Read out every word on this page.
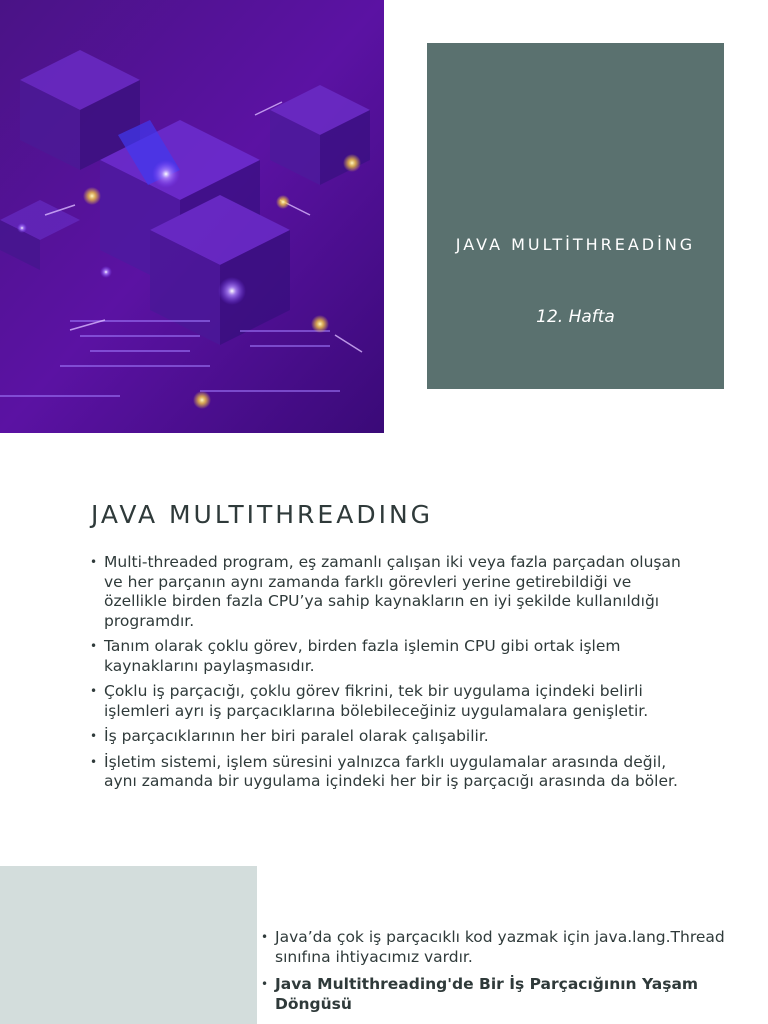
JAVA MULTİTHREADİNG
12. Hafta
JAVA MULTITHREADING
• Multi-threaded program, eş zamanlı çalışan iki veya fazla parçadan oluşan ve her parçanın aynı zamanda farklı görevleri yerine getirebildiği ve özellikle birden fazla CPU’ya sahip kaynakların en iyi şekilde kullanıldığı programdır.
• Tanım olarak çoklu görev, birden fazla işlemin CPU gibi ortak işlem kaynaklarını paylaşmasıdır.
• Çoklu iş parçacığı, çoklu görev fikrini, tek bir uygulama içindeki belirli işlemleri ayrı iş parçacıklarına bölebileceğiniz uygulamalara genişletir.
• İş parçacıklarının her biri paralel olarak çalışabilir.
• İşletim sistemi, işlem süresini yalnızca farklı uygulamalar arasında değil, aynı zamanda bir uygulama içindeki her bir iş parçacığı arasında da böler.
• Java’da çok iş parçacıklı kod yazmak için java.lang.Thread sınıfına ihtiyacımız vardır.
• Java Multithreading'de Bir İş Parçacığının Yaşam Döngüsü
